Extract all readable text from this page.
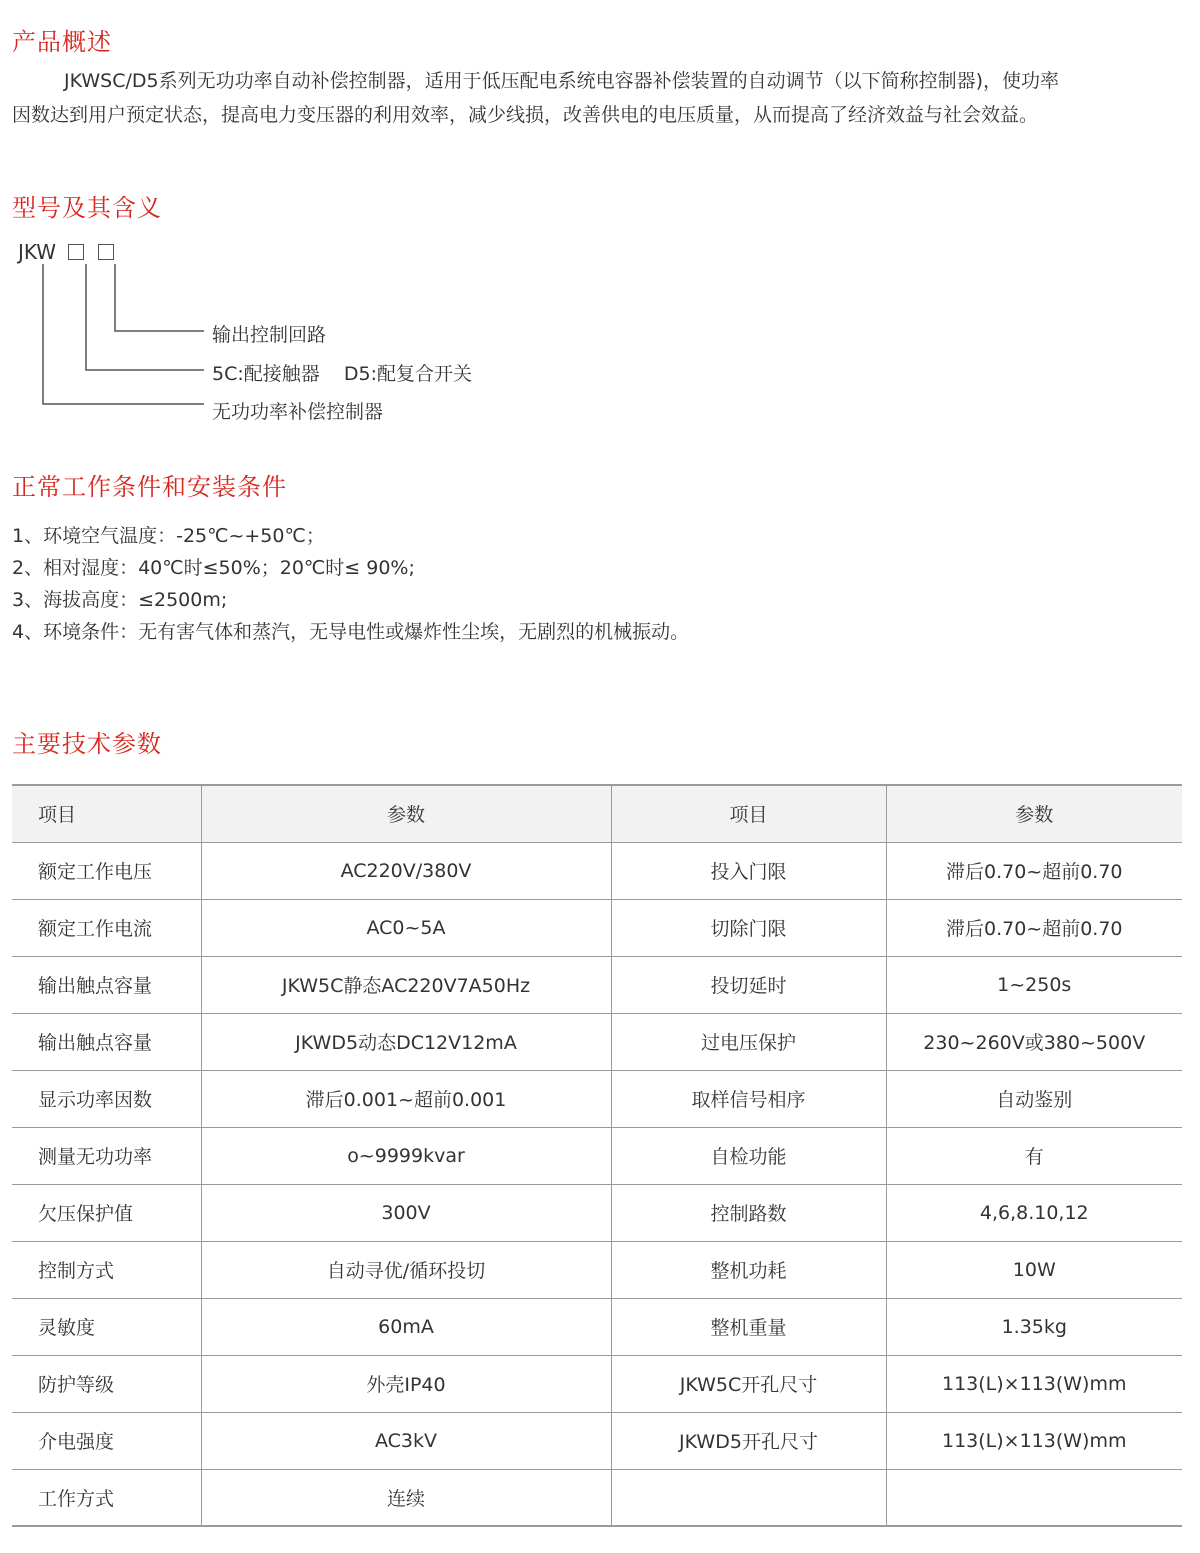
产品概述

JKWSC/D5系列无功功率自动补偿控制器，适用于低压配电系统电容器补偿装置的自动调节（以下简称控制器)，使功率
因数达到用户预定状态，提高电力变压器的利用效率，减少线损，改善供电的电压质量，从而提高了经济效益与社会效益。

型号及其含义
JKW
输出控制回路
5C:配接触器    D5:配复合开关
无功功率补偿控制器
正常工作条件和安装条件
1、环境空气温度：-25℃~+50℃；
2、相对湿度：40℃时≤50%；20℃时≤ 90%;
3、海拔高度：≤2500m;
4、环境条件：无有害气体和蒸汽，无导电性或爆炸性尘埃，无剧烈的机械振动。
主要技术参数
项目	参数	项目	参数
额定工作电压	AC220V/380V	投入门限	滞后0.70~超前0.70
额定工作电流	AC0~5A	切除门限	滞后0.70~超前0.70
输出触点容量	JKW5C静态AC220V7A50Hz	投切延时	1~250s
输出触点容量	JKWD5动态DC12V12mA	过电压保护	230~260V或380~500V
显示功率因数	滞后0.001~超前0.001	取样信号相序	自动鉴别
测量无功功率	o~9999kvar	自检功能	有
欠压保护值	300V	控制路数	4,6,8.10,12
控制方式	自动寻优/循环投切	整机功耗	10W
灵敏度	60mA	整机重量	1.35kg
防护等级	外壳IP40	JKW5C开孔尺寸	113(L)×113(W)mm
介电强度	AC3kV	JKWD5开孔尺寸	113(L)×113(W)mm
工作方式	连续		
